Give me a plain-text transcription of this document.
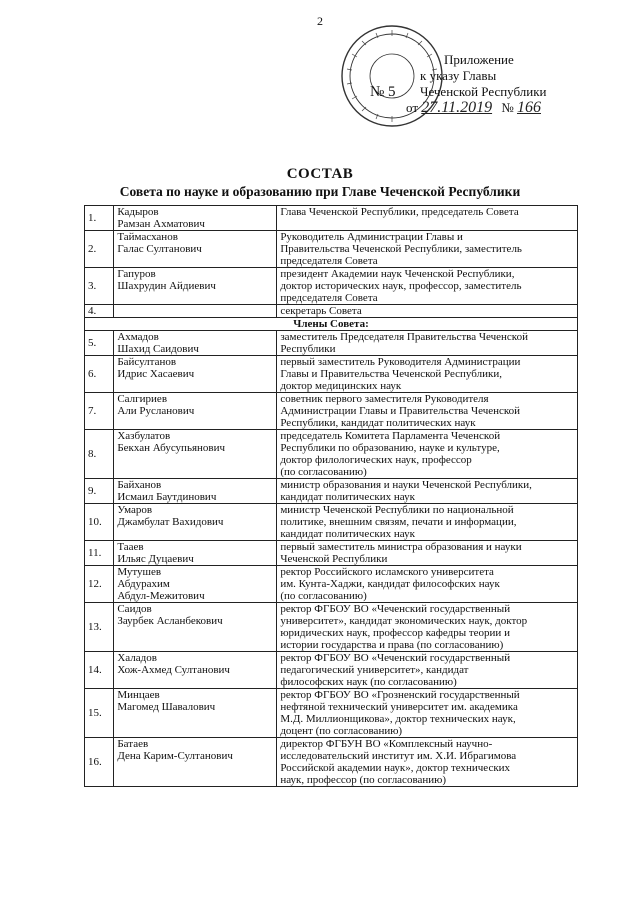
2
Приложение
к указу Главы
Чеченской Республики
от 27.11.2019 № 166
№ 5
СОСТАВ
Совета по науке и образованию при Главе Чеченской Республики
1.	Кадыров
Рамзан Ахматович	Глава Чеченской Республики, председатель Совета

2.	Таймасханов
Галас Султанович	Руководитель Администрации Главы и
Правительства Чеченской Республики, заместитель
председателя Совета

3.	Гапуров
Шахрудин Айдиевич	президент Академии наук Чеченской Республики,
доктор исторических наук, профессор, заместитель
председателя Совета

4.		секретарь Совета

Члены Совета:		
5.	Ахмадов
Шахид Саидович	заместитель Председателя Правительства Чеченской
Республики

6.	Байсултанов
Идрис Хасаевич	первый заместитель Руководителя Администрации
Главы и Правительства Чеченской Республики,
доктор медицинских наук

7.	Салгириев
Али Русланович	советник первого заместителя Руководителя
Администрации Главы и Правительства Чеченской
Республики, кандидат политических наук

8.	Хазбулатов
Бекхан Абусупьянович	председатель Комитета Парламента Чеченской
Республики по образованию, науке и культуре,
доктор филологических наук, профессор
(по согласованию)

9.	Байханов
Исмаил Баутдинович	министр образования и науки Чеченской Республики,
кандидат политических наук

10.	Умаров
Джамбулат Вахидович	министр Чеченской Республики по национальной
политике, внешним связям, печати и информации,
кандидат политических наук

11.	Тааев
Ильяс Дуцаевич	первый заместитель министра образования и науки
Чеченской Республики

12.	Мутушев
Абдурахим
Абдул-Межитович	ректор Российского исламского университета
им. Кунта-Хаджи, кандидат философских наук
(по согласованию)

13.	Саидов
Заурбек Асланбекович	ректор ФГБОУ ВО «Чеченский государственный
университет», кандидат экономических наук, доктор
юридических наук, профессор кафедры теории и
истории государства и права (по согласованию)

14.	Халадов
Хож-Ахмед Султанович	ректор ФГБОУ ВО «Чеченский государственный
педагогический университет», кандидат
философских наук (по согласованию)

15.	Минцаев
Магомед Шавалович	ректор ФГБОУ ВО «Грозненский государственный
нефтяной технический университет им. академика
М.Д. Миллионщикова», доктор технических наук,
доцент (по согласованию)

16.	Батаев
Дена Карим-Султанович	директор ФГБУН ВО «Комплексный научно-
исследовательский институт им. Х.И. Ибрагимова
Российской академии наук», доктор технических
наук, профессор (по согласованию)
